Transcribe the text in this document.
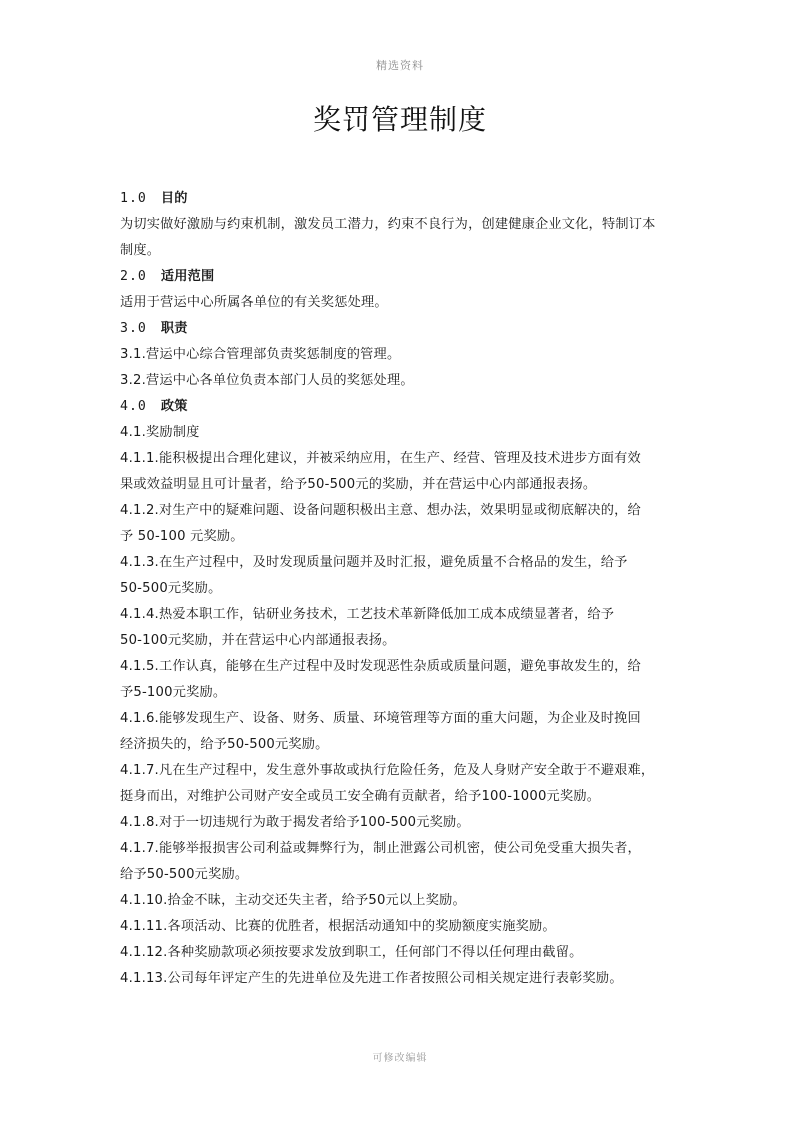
精选资料
奖罚管理制度
1.0 目的
为切实做好激励与约束机制，激发员工潜力，约束不良行为，创建健康企业文化，特制订本
制度。
2.0 适用范围
适用于营运中心所属各单位的有关奖惩处理。
3.0 职责
3.1.营运中心综合管理部负责奖惩制度的管理。
3.2.营运中心各单位负责本部门人员的奖惩处理。
4.0 政策
4.1.奖励制度
4.1.1.能积极提出合理化建议，并被采纳应用，在生产、经营、管理及技术进步方面有效
果或效益明显且可计量者，给予50-500元的奖励，并在营运中心内部通报表扬。
4.1.2.对生产中的疑难问题、设备问题积极出主意、想办法，效果明显或彻底解决的，给
予 50-100 元奖励。
4.1.3.在生产过程中，及时发现质量问题并及时汇报，避免质量不合格品的发生，给予
50-500元奖励。
4.1.4.热爱本职工作，钻研业务技术，工艺技术革新降低加工成本成绩显著者，给予
50-100元奖励，并在营运中心内部通报表扬。
4.1.5.工作认真，能够在生产过程中及时发现恶性杂质或质量问题，避免事故发生的，给
予5-100元奖励。
4.1.6.能够发现生产、设备、财务、质量、环境管理等方面的重大问题，为企业及时挽回
经济损失的，给予50-500元奖励。
4.1.7.凡在生产过程中，发生意外事故或执行危险任务，危及人身财产安全敢于不避艰难，
挺身而出，对维护公司财产安全或员工安全确有贡献者，给予100-1000元奖励。
4.1.8.对于一切违规行为敢于揭发者给予100-500元奖励。
4.1.7.能够举报损害公司利益或舞弊行为，制止泄露公司机密，使公司免受重大损失者，
给予50-500元奖励。
4.1.10.拾金不昧，主动交还失主者，给予50元以上奖励。
4.1.11.各项活动、比赛的优胜者，根据活动通知中的奖励额度实施奖励。
4.1.12.各种奖励款项必须按要求发放到职工，任何部门不得以任何理由截留。
4.1.13.公司每年评定产生的先进单位及先进工作者按照公司相关规定进行表彰奖励。
可修改编辑
